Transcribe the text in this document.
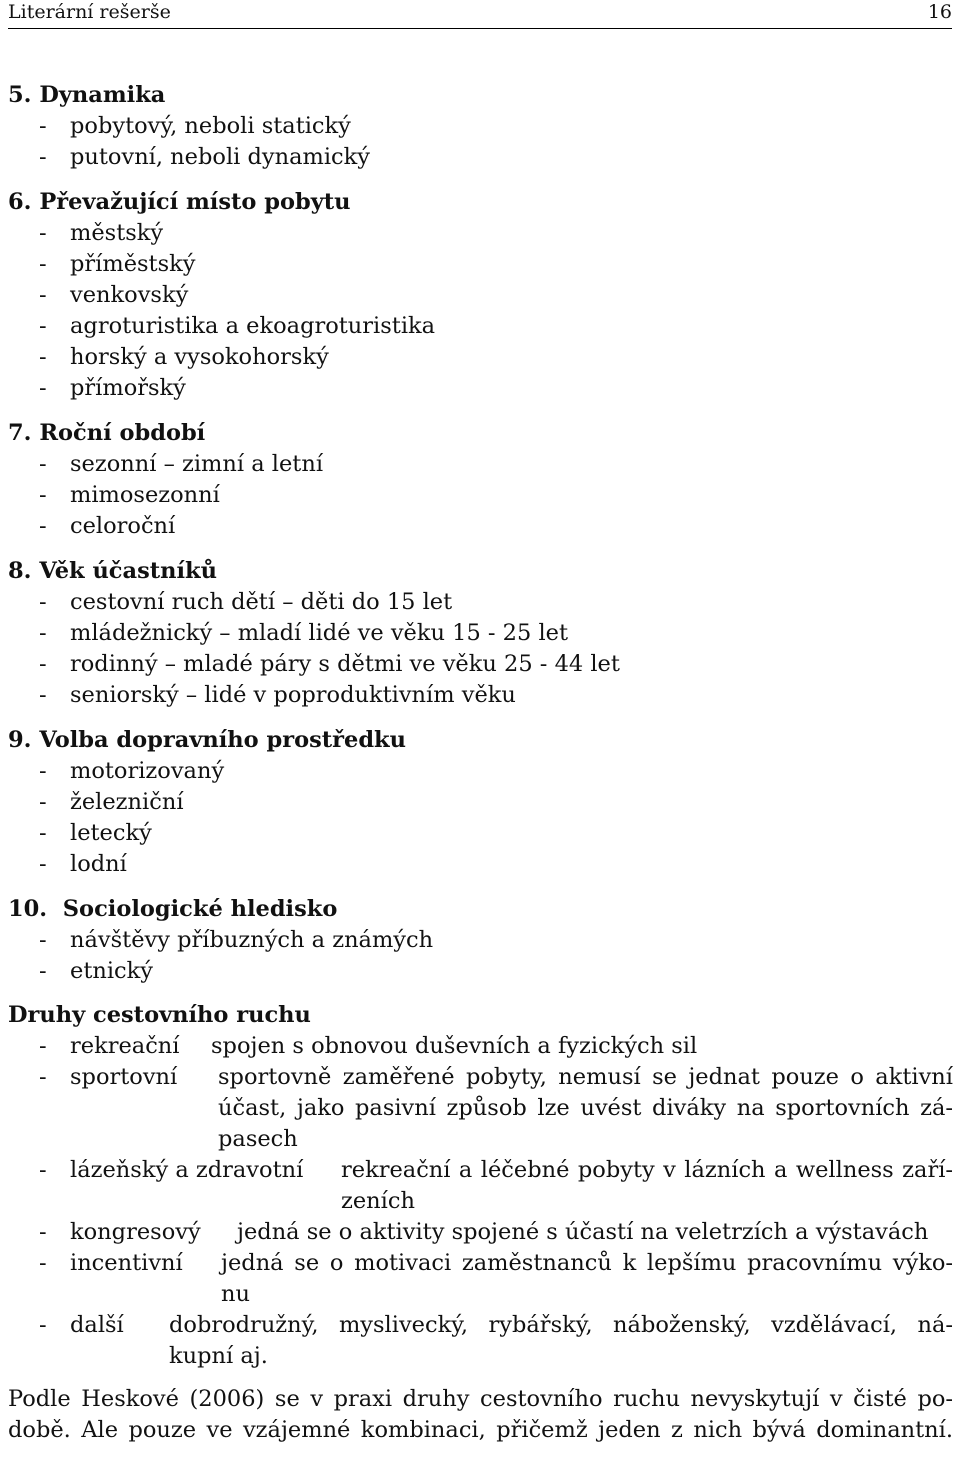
Literární rešerše	16
5. Dynamika
- pobytový, neboli statický
- putovní, neboli dynamický
6. Převažující místo pobytu
- městský
- příměstský
- venkovský
- agroturistika a ekoagroturistika
- horský a vysokohorský
- přímořský
7. Roční období
- sezonní – zimní a letní
- mimosezonní
- celoroční
8. Věk účastníků
- cestovní ruch dětí – děti do 15 let
- mládežnický – mladí lidé ve věku 15 - 25 let
- rodinný – mladé páry s dětmi ve věku 25 - 44 let
- seniorský – lidé v poproduktivním věku
9. Volba dopravního prostředku
- motorizovaný
- železniční
- letecký
- lodní
10.  Sociologické hledisko
- návštěvy příbuzných a známých
- etnický
Druhy cestovního ruchu
- rekreační	spojen s obnovou duševních a fyzických sil
- sportovní sportovně zaměřené pobyty, nemusí se jednat pouze o aktivní
účast, jako pasivní způsob lze uvést diváky na sportovních zá-
pasech
- lázeňský a zdravotní rekreační a léčebné pobyty v lázních a wellness zaří-
zeních
- kongresový jedná se o aktivity spojené s účastí na veletrzích a výstavách
- incentivní jedná se o motivaci zaměstnanců k lepšímu pracovnímu výko-
nu
- další dobrodružný, myslivecký, rybářský, náboženský, vzdělávací, ná-
kupní aj.
Podle Heskové (2006) se v praxi druhy cestovního ruchu nevyskytují v čisté po-
době. Ale pouze ve vzájemné kombinaci, přičemž jeden z nich bývá dominantní.
